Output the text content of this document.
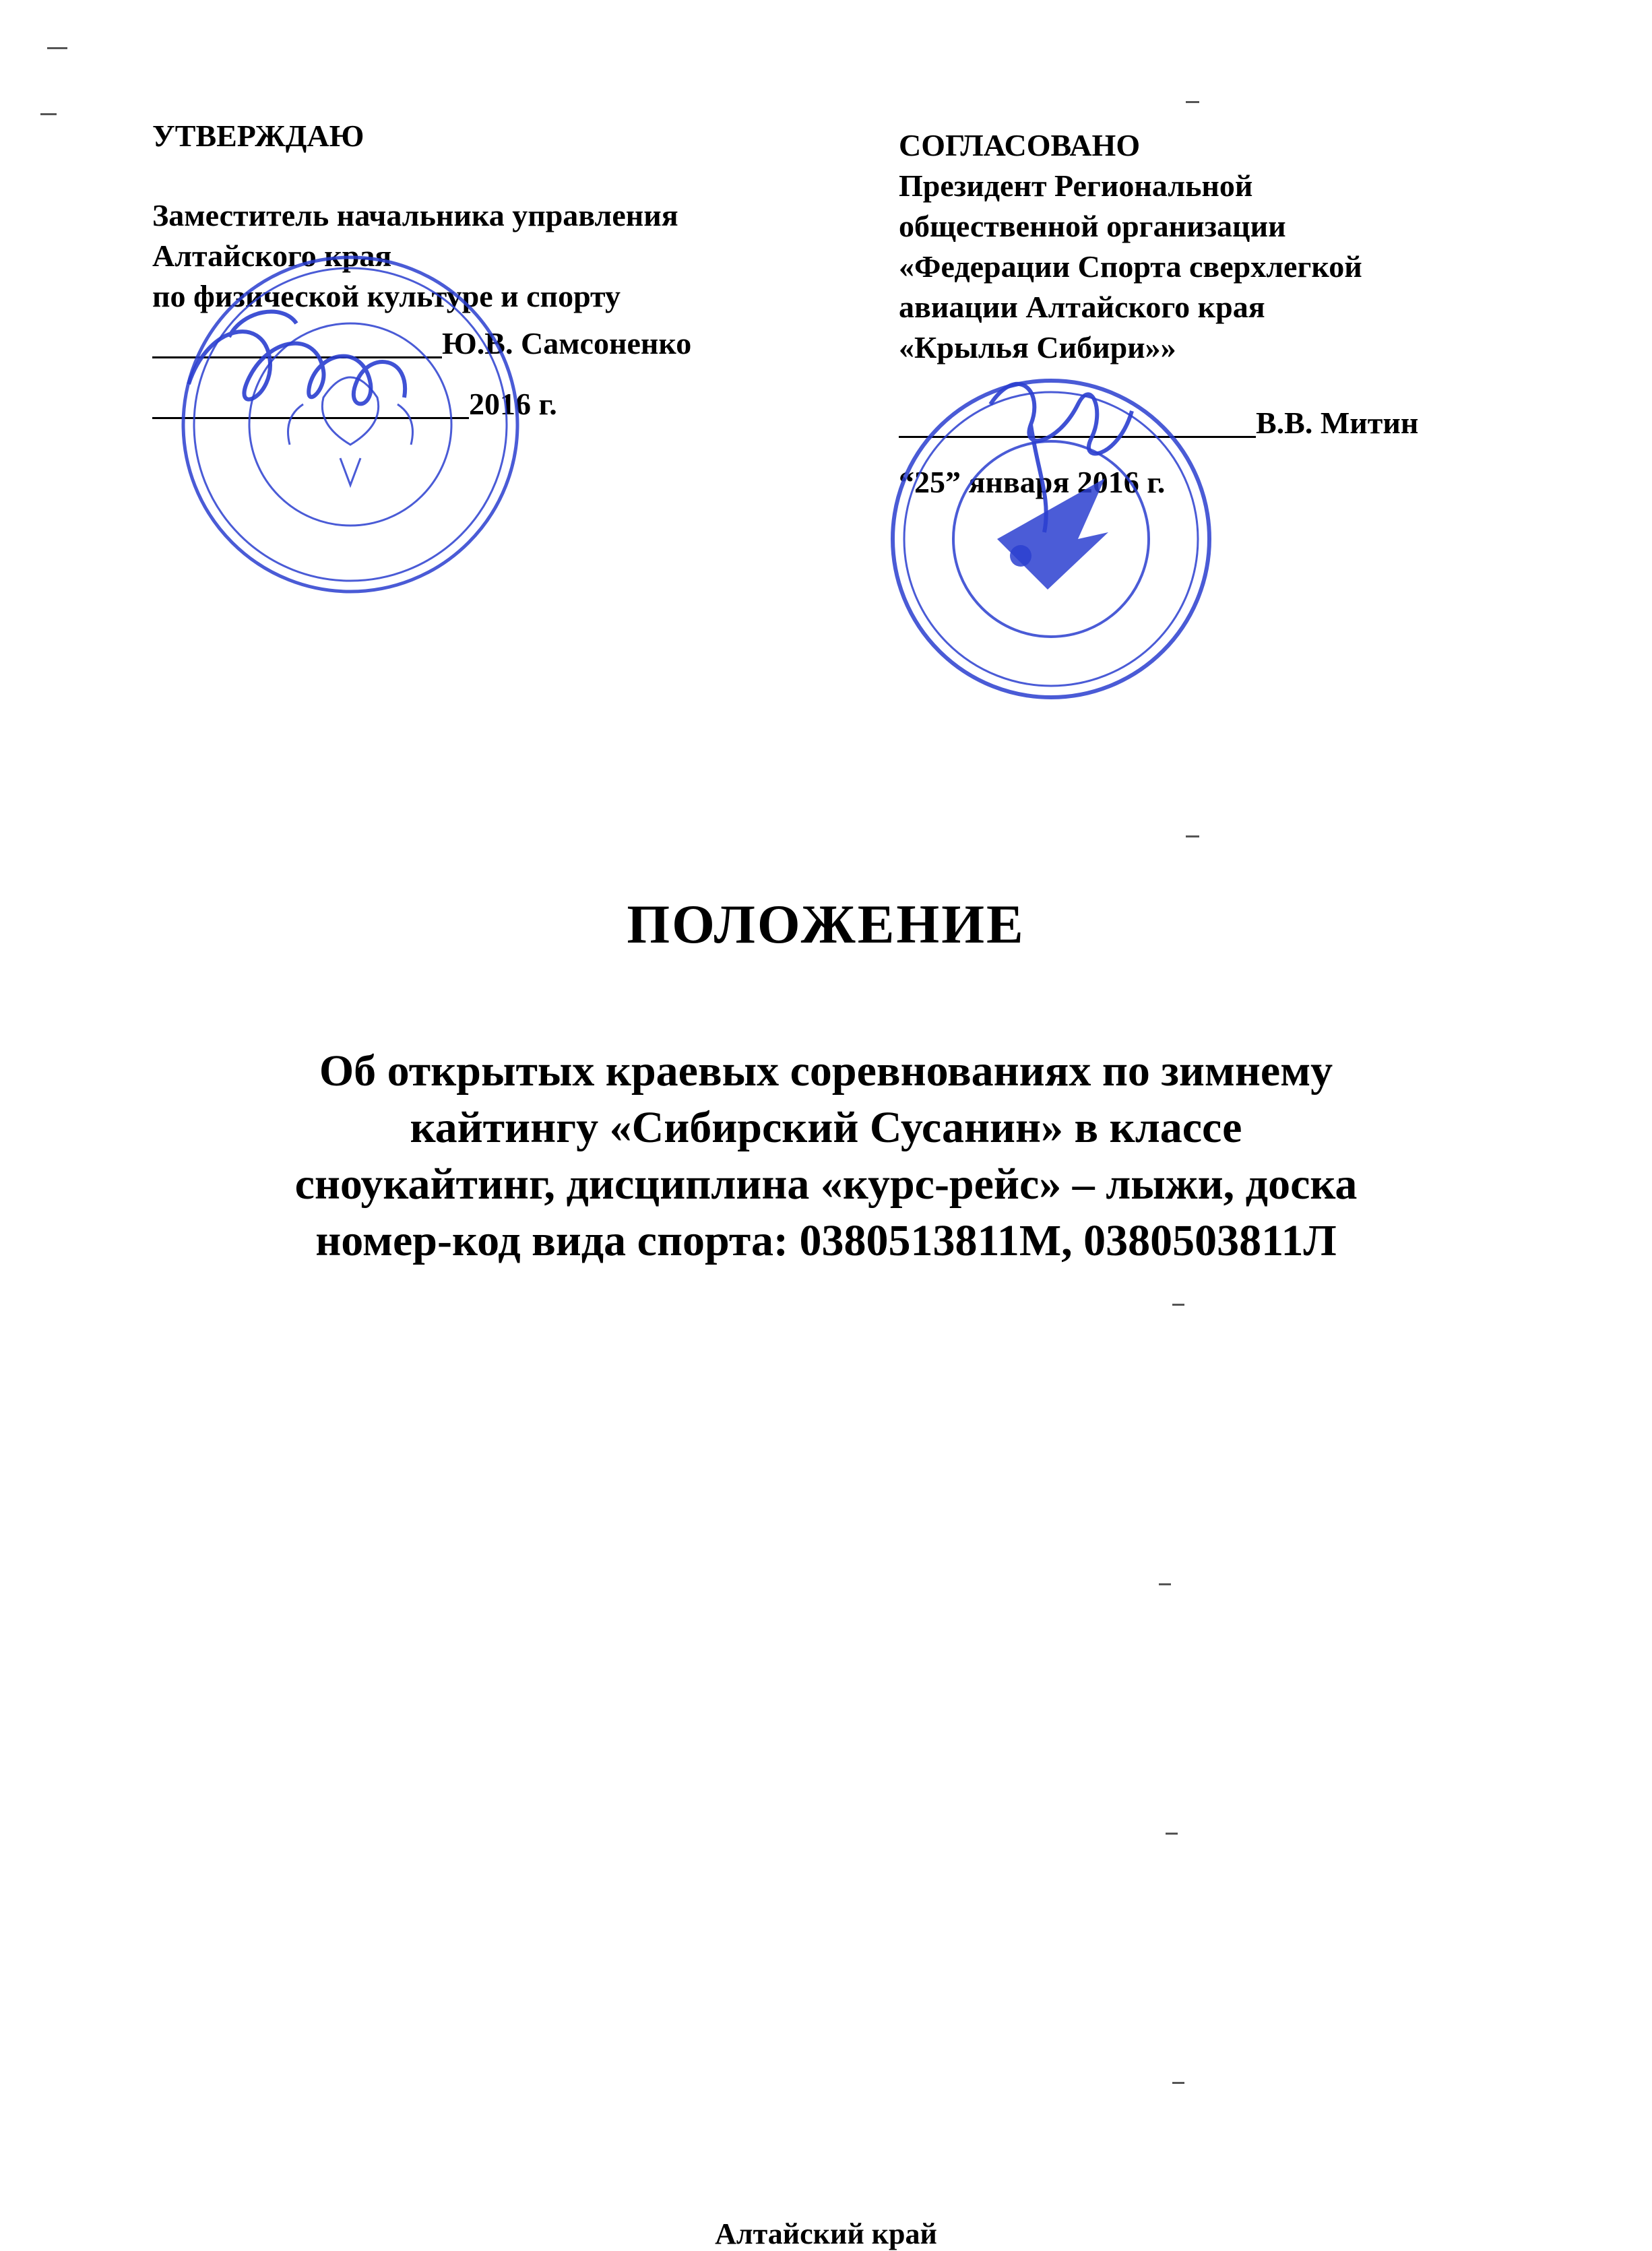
УТВЕРЖДАЮ
Заместитель начальника управления
Алтайского края
по физической культуре и спорту
Ю.В. Самсоненко
2016 г.
СОГЛАСОВАНО
Президент Региональной
общественной организации
«Федерации Спорта сверхлегкой
авиации Алтайского края
«Крылья Сибири»»
В.В. Митин
“25” января 2016 г.
ПОЛОЖЕНИЕ
Об открытых краевых соревнованиях по зимнему
кайтингу «Сибирский Сусанин» в классе
сноукайтинг, дисциплина «курс-рейс» – лыжи, доска
номер-код вида спорта: 0380513811М, 0380503811Л
Алтайский край
